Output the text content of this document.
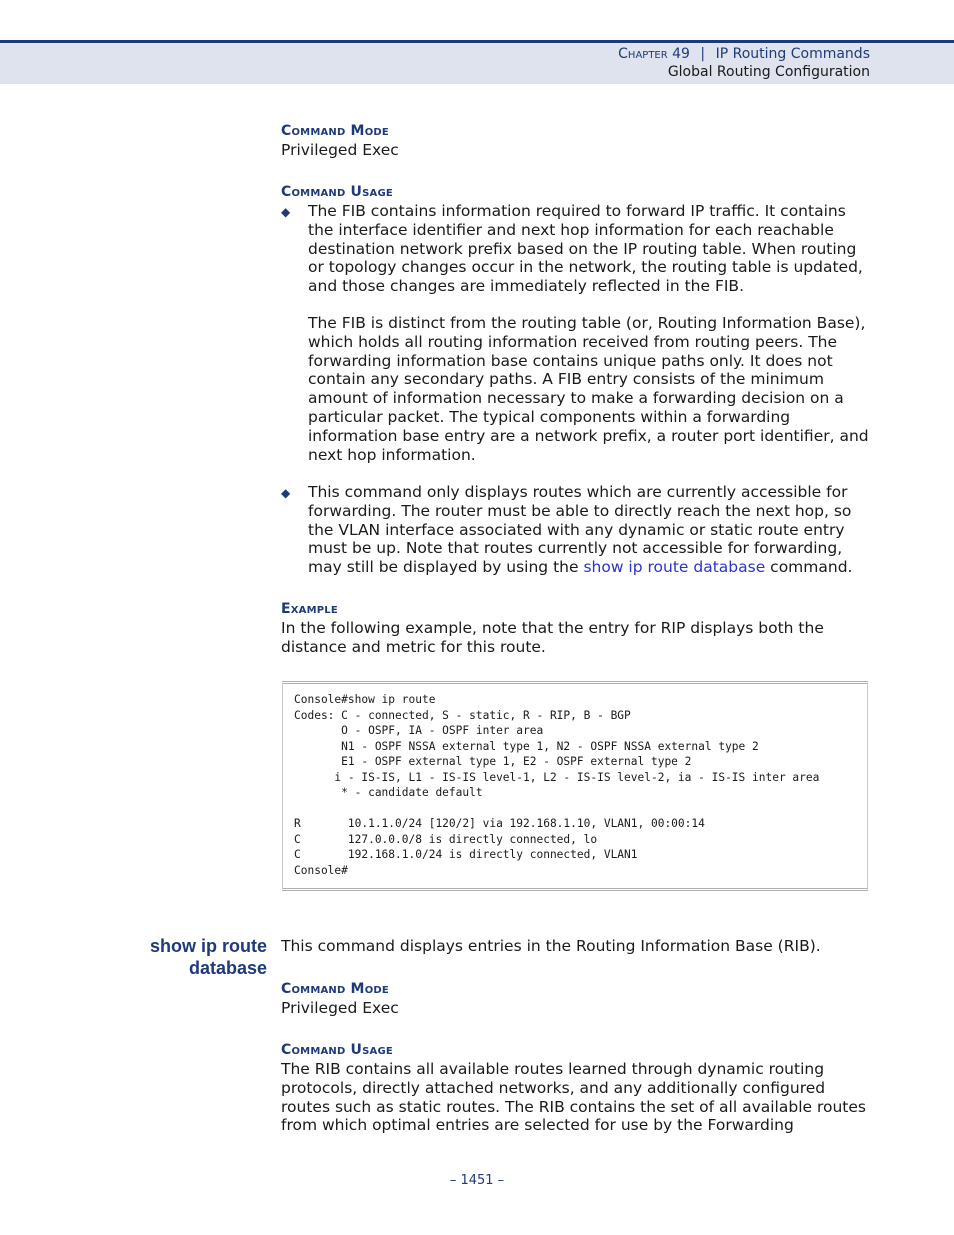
Chapter 49 | IP Routing Commands
Global Routing Configuration
Command Mode
Privileged Exec
Command Usage
◆ The FIB contains information required to forward IP traffic. It contains the interface identifier and next hop information for each reachable destination network prefix based on the IP routing table. When routing or topology changes occur in the network, the routing table is updated, and those changes are immediately reflected in the FIB.
The FIB is distinct from the routing table (or, Routing Information Base), which holds all routing information received from routing peers. The forwarding information base contains unique paths only. It does not contain any secondary paths. A FIB entry consists of the minimum amount of information necessary to make a forwarding decision on a particular packet. The typical components within a forwarding information base entry are a network prefix, a router port identifier, and next hop information.
◆ This command only displays routes which are currently accessible for forwarding. The router must be able to directly reach the next hop, so the VLAN interface associated with any dynamic or static route entry must be up. Note that routes currently not accessible for forwarding, may still be displayed by using the show ip route database command.
Example
In the following example, note that the entry for RIP displays both the distance and metric for this route.
Console#show ip route
Codes: C - connected, S - static, R - RIP, B - BGP
O - OSPF, IA - OSPF inter area
N1 - OSPF NSSA external type 1, N2 - OSPF NSSA external type 2
E1 - OSPF external type 1, E2 - OSPF external type 2
i - IS-IS, L1 - IS-IS level-1, L2 - IS-IS level-2, ia - IS-IS inter area
* - candidate default

R       10.1.1.0/24 [120/2] via 192.168.1.10, VLAN1, 00:00:14
C       127.0.0.0/8 is directly connected, lo
C       192.168.1.0/24 is directly connected, VLAN1
Console#
show ip route
database
This command displays entries in the Routing Information Base (RIB).
Command Mode
Privileged Exec
Command Usage
The RIB contains all available routes learned through dynamic routing protocols, directly attached networks, and any additionally configured routes such as static routes. The RIB contains the set of all available routes from which optimal entries are selected for use by the Forwarding
– 1451 –
